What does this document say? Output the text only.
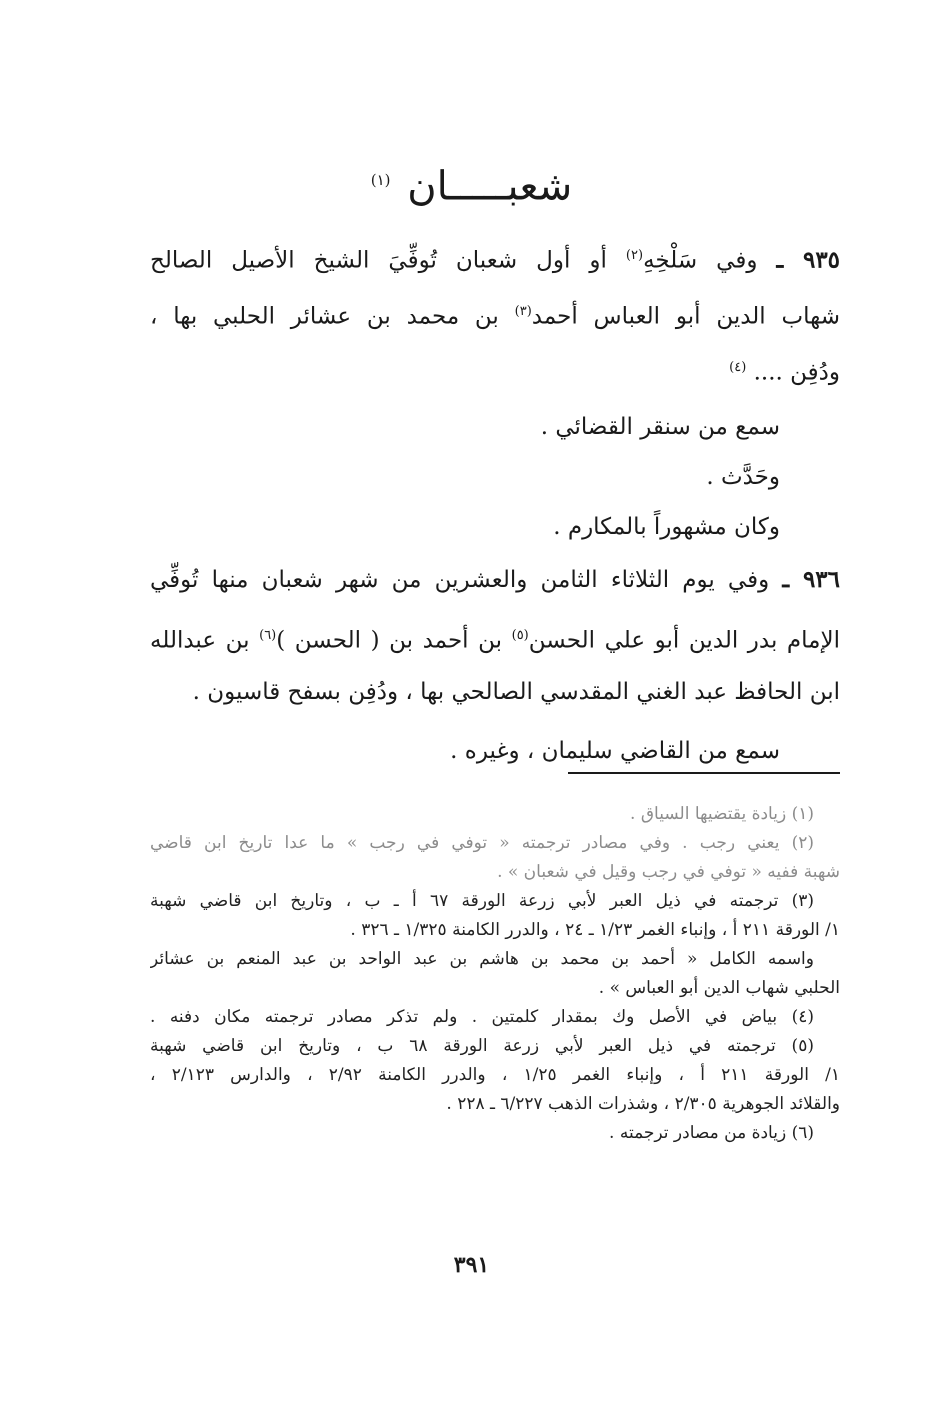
شعبـــــان $^{(١)}$
٩٣٥ ـ وفي سَلْخِهِ$^{(٢)}$ أو أول شعبان تُوفِّيَ الشيخ الأصيل الصالح
شهاب الدين أبو العباس أحمد$^{(٣)}$ بن محمد بن عشائر الحلبي بها ،
ودُفِن .... $^{(٤)}$
سمع من سنقر القضائي .
وحَدَّث .
وكان مشهوراً بالمكارم .
٩٣٦ ـ وفي يوم الثلاثاء الثامن والعشرين من شهر شعبان منها تُوفِّي
الإمام بدر الدين أبو علي الحسن$^{(٥)}$ بن أحمد بن ( الحسن )$^{(٦)}$ بن عبدالله
ابن الحافظ عبد الغني المقدسي الصالحي بها ، ودُفِن بسفح قاسيون .
سمع من القاضي سليمان ، وغيره .
(١) زيادة يقتضيها السياق .
(٢) يعني رجب . وفي مصادر ترجمته « توفي في رجب » ما عدا تاريخ ابن قاضي
شهبة ففيه « توفي في رجب وقيل في شعبان » .
(٣) ترجمته في ذيل العبر لأبي زرعة الورقة ٦٧ أ ـ ب ، وتاريخ ابن قاضي شهبة
١/ الورقة ٢١١ أ ، وإنباء الغمر ١/٢٣ ـ ٢٤ ، والدرر الكامنة ١/٣٢٥ ـ ٣٢٦ .
واسمه الكامل « أحمد بن محمد بن هاشم بن عبد الواحد بن عبد المنعم بن عشائر
الحلبي شهاب الدين أبو العباس » .
(٤) بياض في الأصل وك بمقدار كلمتين . ولم تذكر مصادر ترجمته مكان دفنه .
(٥) ترجمته في ذيل العبر لأبي زرعة الورقة ٦٨ ب ، وتاريخ ابن قاضي شهبة
١/ الورقة ٢١١ أ ، وإنباء الغمر ١/٢٥ ، والدرر الكامنة ٢/٩٢ ، والدارس ٢/١٢٣ ،
والقلائد الجوهرية ٢/٣٠٥ ، وشذرات الذهب ٦/٢٢٧ ـ ٢٢٨ .
(٦) زيادة من مصادر ترجمته .
٣٩١
